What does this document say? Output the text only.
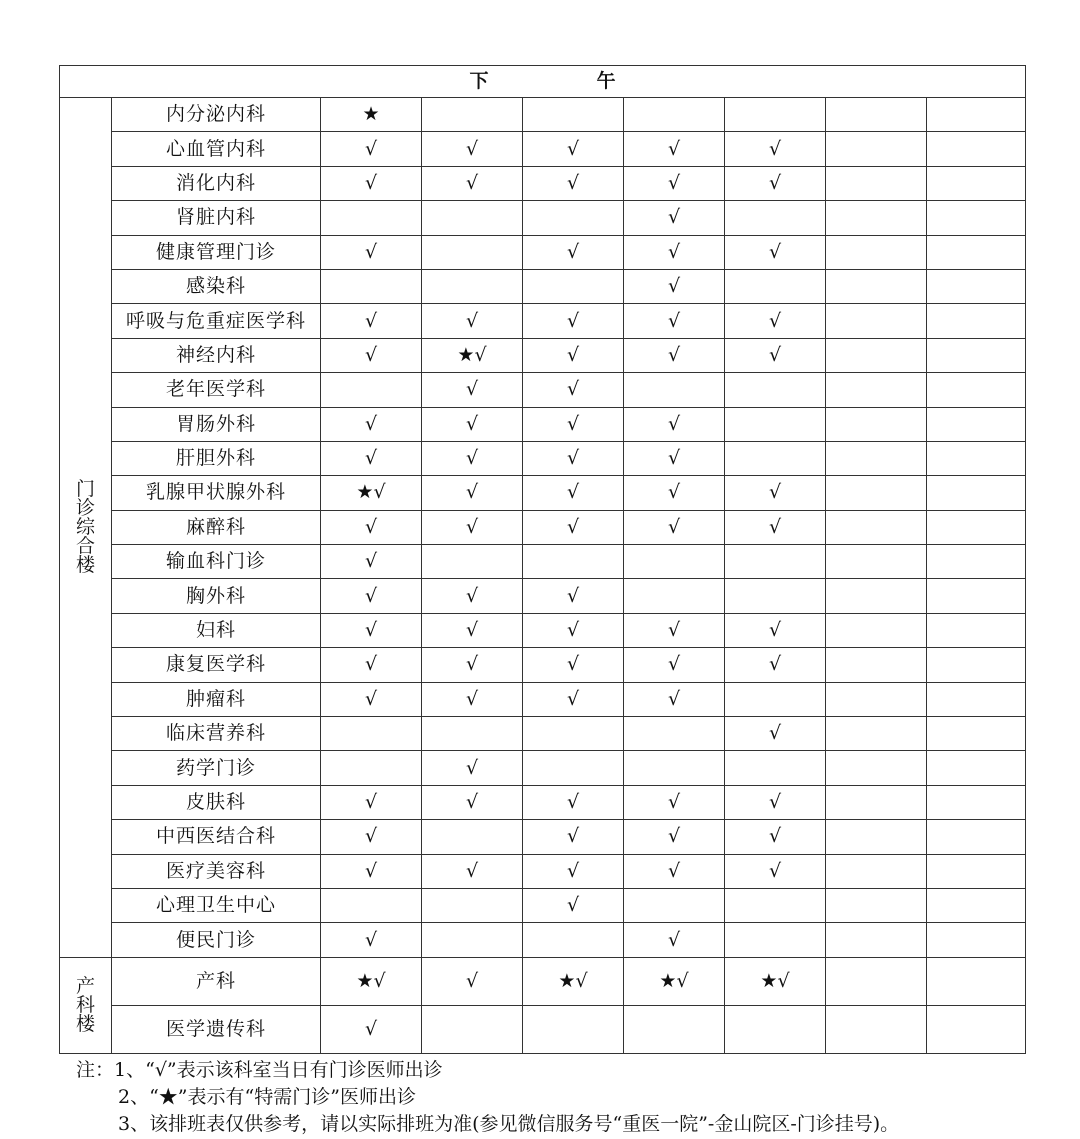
下 午								

门
诊
综
合
楼	内分泌内科	★						
	心血管内科	√	√	√	√	√		
	消化内科	√	√	√	√	√		
	肾脏内科				√			
	健康管理门诊	√		√	√	√		
	感染科				√			
	呼吸与危重症医学科	√	√	√	√	√		
	神经内科	√	★√	√	√	√		
	老年医学科		√	√				
	胃肠外科	√	√	√	√			
	肝胆外科	√	√	√	√			
	乳腺甲状腺外科	★√	√	√	√	√		
	麻醉科	√	√	√	√	√		
	输血科门诊	√						
	胸外科	√	√	√				
	妇科	√	√	√	√	√		
	康复医学科	√	√	√	√	√		
	肿瘤科	√	√	√	√			
	临床营养科					√		
	药学门诊		√					
	皮肤科	√	√	√	√	√		
	中西医结合科	√		√	√	√		
	医疗美容科	√	√	√	√	√		
	心理卫生中心			√				
	便民门诊	√			√			

产
科
楼	产科	★√	√	★√	★√	★√		
	医学遗传科	√						
注：1、“√”表示该科室当日有门诊医师出诊
2、“★”表示有“特需门诊”医师出诊
3、该排班表仅供参考，请以实际排班为准(参见微信服务号“重医一院”-金山院区-门诊挂号)。
